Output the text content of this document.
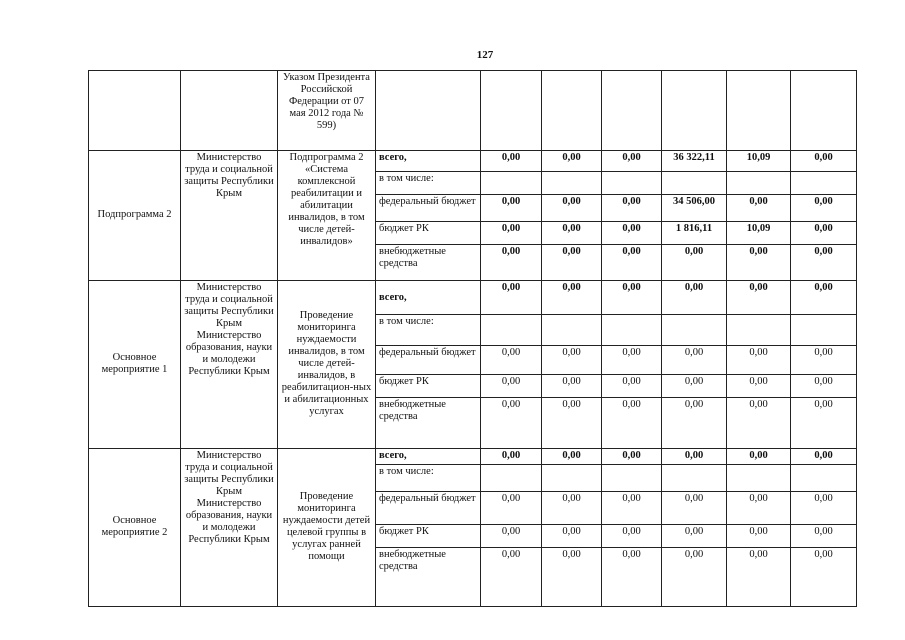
127
		Указом Президента Российской Федерации от 07 мая 2012 года № 599)							
Подпрограмма 2	Министерство труда и социальной защиты Республики Крым	Подпрограмма 2 «Система комплексной реабилитации и абилитации инвалидов, в том числе детей-инвалидов»	всего,	0,00	0,00	0,00	36 322,11	10,09	0,00
			в том числе:						
			федеральный бюджет	0,00	0,00	0,00	34 506,00	0,00	0,00
			бюджет РК	0,00	0,00	0,00	1 816,11	10,09	0,00
			внебюджетные средства	0,00	0,00	0,00	0,00	0,00	0,00
Основное мероприятие 1	Министерство труда и социальной защиты Республики Крым Министерство образования, науки и молодежи Республики Крым	Проведение мониторинга нуждаемости инвалидов, в том числе детей-инвалидов, в реабилитацион-ных и абилитационных услугах	всего,	0,00	0,00	0,00	0,00	0,00	0,00
			в том числе:						
			федеральный бюджет	0,00	0,00	0,00	0,00	0,00	0,00
			бюджет РК	0,00	0,00	0,00	0,00	0,00	0,00
			внебюджетные средства	0,00	0,00	0,00	0,00	0,00	0,00
Основное мероприятие 2	Министерство труда и социальной защиты Республики Крым Министерство образования, науки и молодежи Республики Крым	Проведение мониторинга нуждаемости детей целевой группы в услугах ранней помощи	всего,	0,00	0,00	0,00	0,00	0,00	0,00
			в том числе:						
			федеральный бюджет	0,00	0,00	0,00	0,00	0,00	0,00
			бюджет РК	0,00	0,00	0,00	0,00	0,00	0,00
			внебюджетные средства	0,00	0,00	0,00	0,00	0,00	0,00
